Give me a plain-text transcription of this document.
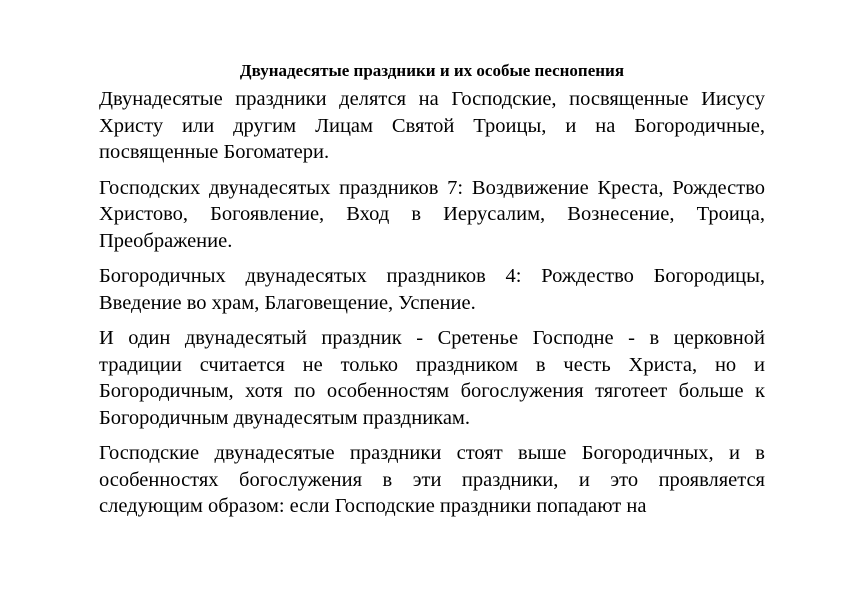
Двунадесятые праздники и их особые песнопения

Двунадесятые праздники делятся на Господские, посвященные Иисусу Христу или другим Лицам Святой Троицы, и на Богородичные, посвященные Богоматери.

Господских двунадесятых праздников 7: Воздвижение Креста, Рождество Христово, Богоявление, Вход в Иерусалим, Вознесение, Троица, Преображение.

Богородичных двунадесятых праздников 4: Рождество Богородицы, Введение во храм, Благовещение, Успение.

И один двунадесятый праздник - Сретенье Господне - в церковной традиции считается не только праздником в честь Христа, но и Богородичным, хотя по особенностям богослужения тяготеет больше к Богородичным двунадесятым праздникам.

Господские двунадесятые праздники стоят выше Богородичных, и в особенностях богослужения в эти праздники, и это проявляется следующим образом: если Господские праздники попадают на
